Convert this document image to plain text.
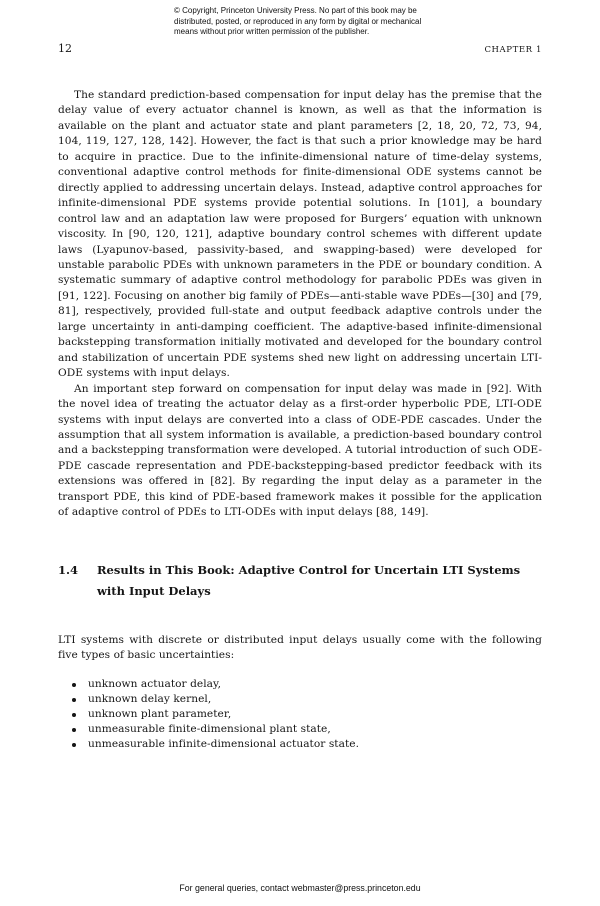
© Copyright, Princeton University Press. No part of this book may be distributed, posted, or reproduced in any form by digital or mechanical means without prior written permission of the publisher.
12	CHAPTER 1

The standard prediction-based compensation for input delay has the premise that the delay value of every actuator channel is known, as well as that the information is available on the plant and actuator state and plant parameters [2, 18, 20, 72, 73, 94, 104, 119, 127, 128, 142]. However, the fact is that such a prior knowledge may be hard to acquire in practice. Due to the infinite-dimensional nature of time-delay systems, conventional adaptive control methods for finite-dimensional ODE systems cannot be directly applied to addressing uncertain delays. Instead, adaptive control approaches for infinite-dimensional PDE systems provide potential solutions. In [101], a boundary control law and an adaptation law were proposed for Burgers’ equation with unknown viscosity. In [90, 120, 121], adaptive boundary control schemes with different update laws (Lyapunov-based, passivity-based, and swapping-based) were developed for unstable parabolic PDEs with unknown parameters in the PDE or boundary condition. A systematic summary of adaptive control methodology for parabolic PDEs was given in [91, 122]. Focusing on another big family of PDEs—anti-stable wave PDEs—[30] and [79, 81], respectively, provided full-state and output feedback adaptive controls under the large uncertainty in anti-damping coefficient. The adaptive-based infinite-dimensional backstepping transformation initially motivated and developed for the boundary control and stabilization of uncertain PDE systems shed new light on addressing uncertain LTI-ODE systems with input delays.

An important step forward on compensation for input delay was made in [92]. With the novel idea of treating the actuator delay as a first-order hyperbolic PDE, LTI-ODE systems with input delays are converted into a class of ODE-PDE cascades. Under the assumption that all system information is available, a prediction-based boundary control and a backstepping transformation were developed. A tutorial introduction of such ODE-PDE cascade representation and PDE-backstepping-based predictor feedback with its extensions was offered in [82]. By regarding the input delay as a parameter in the transport PDE, this kind of PDE-based framework makes it possible for the application of adaptive control of PDEs to LTI-ODEs with input delays [88, 149].

1.4	Results in This Book: Adaptive Control for Uncertain LTI Systems with Input Delays

LTI systems with discrete or distributed input delays usually come with the following five types of basic uncertainties:

unknown actuator delay,
unknown delay kernel,
unknown plant parameter,
unmeasurable finite-dimensional plant state,
unmeasurable infinite-dimensional actuator state.
For general queries, contact webmaster@press.princeton.edu
